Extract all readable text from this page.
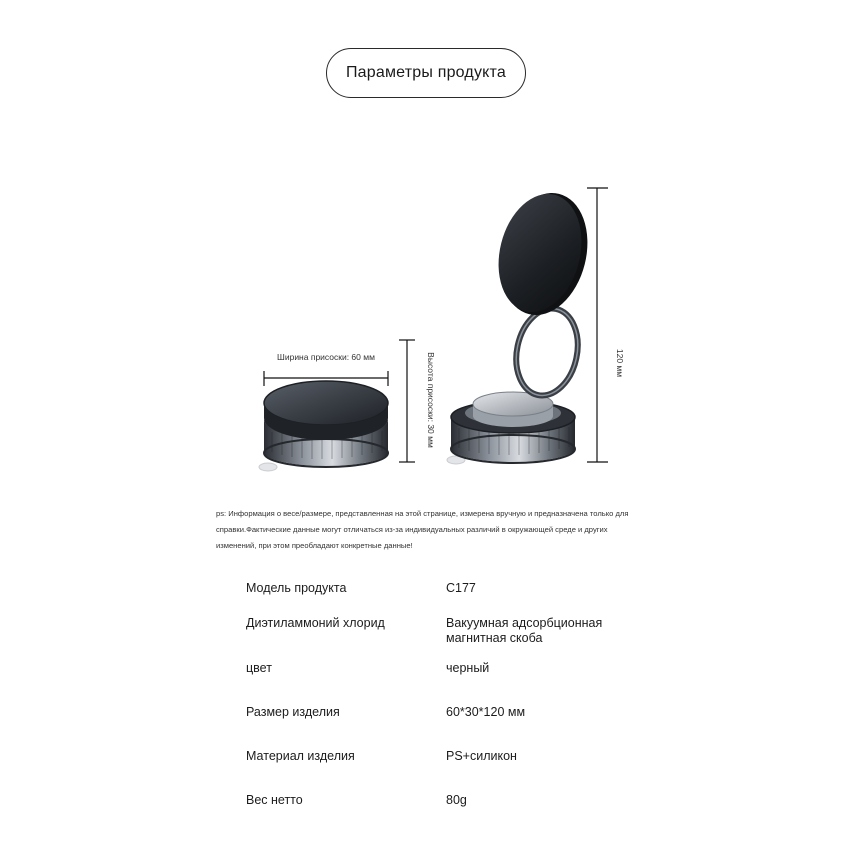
Параметры продукта
Ширина присоски: 60 мм	Высота присоски: 30 мм	120 мм
ps: Информация о весе/размере, представленная на этой странице, измерена вручную и предназначена только для справки.Фактические данные могут отличаться из-за индивидуальных различий в окружающей среде и других изменений, при этом преобладают конкретные данные!
Модель продукта	C177
Диэтиламмоний хлорид	Вакуумная адсорбционная магнитная скоба
цвет	черный
Размер изделия	60*30*120 мм
Материал изделия	PS+силикон
Вес нетто	80g
